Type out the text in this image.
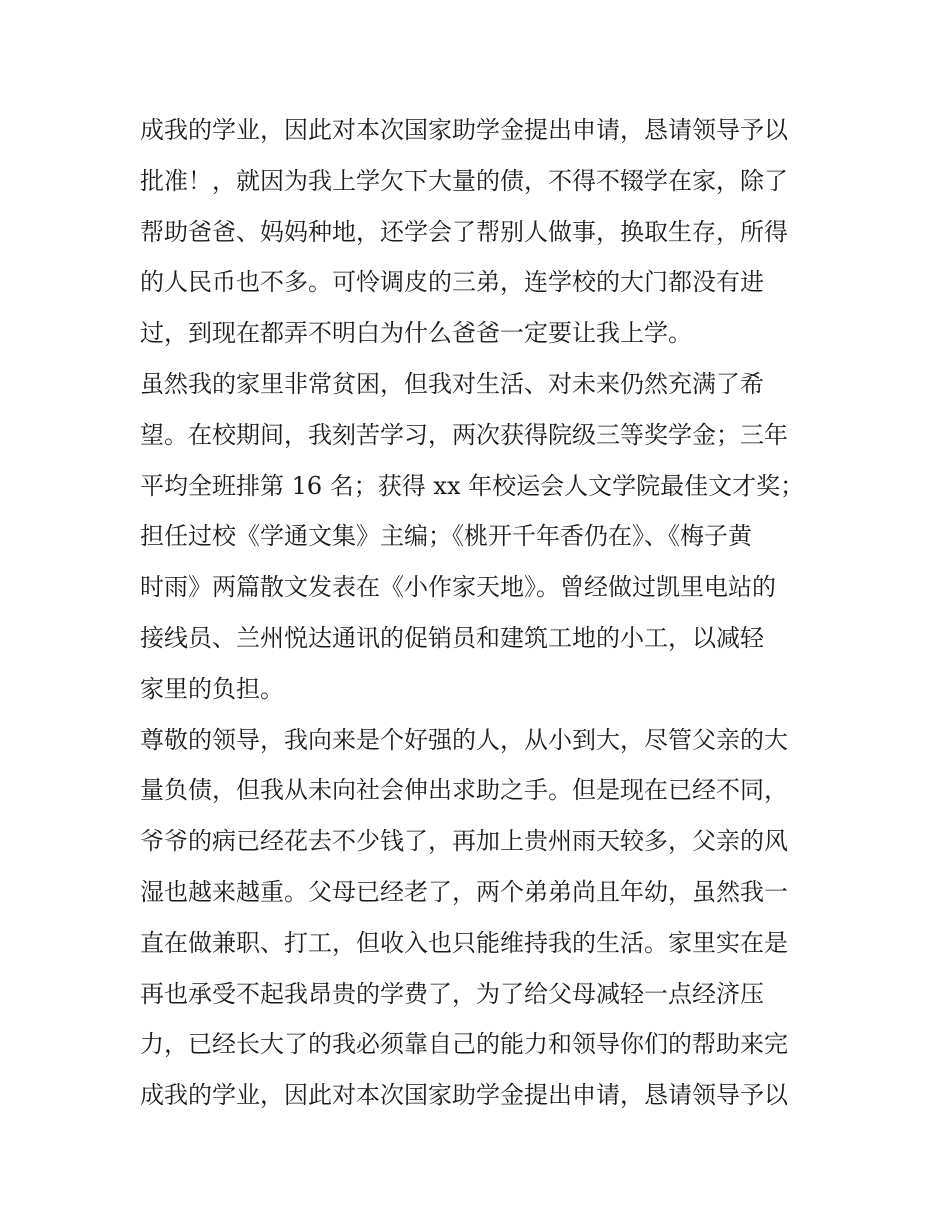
成我的学业，因此对本次国家助学金提出申请，恳请领导予以
批准！，就因为我上学欠下大量的债，不得不辍学在家，除了
帮助爸爸、妈妈种地，还学会了帮别人做事，换取生存，所得
的人民币也不多。可怜调皮的三弟，连学校的大门都没有进
过，到现在都弄不明白为什么爸爸一定要让我上学。
虽然我的家里非常贫困，但我对生活、对未来仍然充满了希
望。在校期间，我刻苦学习，两次获得院级三等奖学金；三年
平均全班排第 16 名；获得 xx 年校运会人文学院最佳文才奖；
担任过校《学通文集》主编；《桃开千年香仍在》、《梅子黄
时雨》两篇散文发表在《小作家天地》。曾经做过凯里电站的
接线员、兰州悦达通讯的促销员和建筑工地的小工，以减轻
家里的负担。
尊敬的领导，我向来是个好强的人，从小到大，尽管父亲的大
量负债，但我从未向社会伸出求助之手。但是现在已经不同，
爷爷的病已经花去不少钱了，再加上贵州雨天较多，父亲的风
湿也越来越重。父母已经老了，两个弟弟尚且年幼，虽然我一
直在做兼职、打工，但收入也只能维持我的生活。家里实在是
再也承受不起我昂贵的学费了，为了给父母减轻一点经济压
力，已经长大了的我必须靠自己的能力和领导你们的帮助来完
成我的学业，因此对本次国家助学金提出申请，恳请领导予以
